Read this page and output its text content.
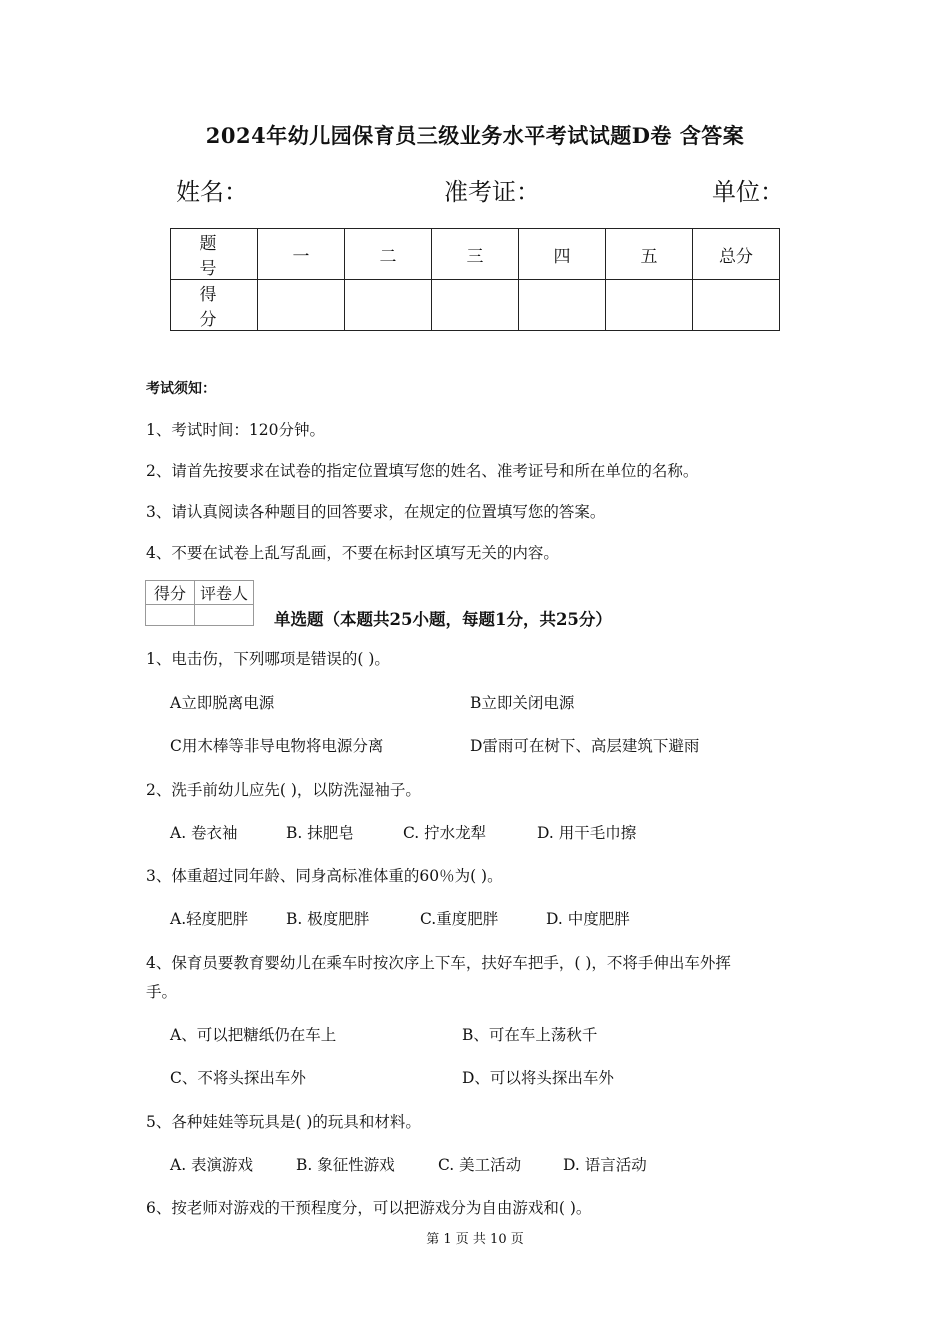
2024年幼儿园保育员三级业务水平考试试题D卷 含答案
姓名：	准考证：	单位：
题　号	一	二	三	四	五	总分
得　分						
考试须知：
1、考试时间：120分钟。
2、请首先按要求在试卷的指定位置填写您的姓名、准考证号和所在单位的名称。
3、请认真阅读各种题目的回答要求，在规定的位置填写您的答案。
4、不要在试卷上乱写乱画，不要在标封区填写无关的内容。
得分	评卷人

单选题（本题共25小题，每题1分，共25分）
1、电击伤，下列哪项是错误的( )。
A立即脱离电源	B立即关闭电源
C用木棒等非导电物将电源分离	D雷雨可在树下、高层建筑下避雨
2、洗手前幼儿应先( )，以防洗湿袖子。
A. 卷衣袖	B. 抹肥皂	C. 拧水龙犁	D. 用干毛巾擦
3、体重超过同年龄、同身高标准体重的60％为( )。
A.轻度肥胖 B. 极度肥胖	C.重度肥胖	D. 中度肥胖
4、保育员要教育婴幼儿在乘车时按次序上下车，扶好车把手，( )，不将手伸出车外挥
手。
A、可以把糖纸仍在车上	B、可在车上荡秋千
C、不将头探出车外	D、可以将头探出车外
5、各种娃娃等玩具是( )的玩具和材料。
A. 表演游戏	B. 象征性游戏	C. 美工活动	D. 语言活动
6、按老师对游戏的干预程度分，可以把游戏分为自由游戏和( )。
第 1 页 共 10 页
